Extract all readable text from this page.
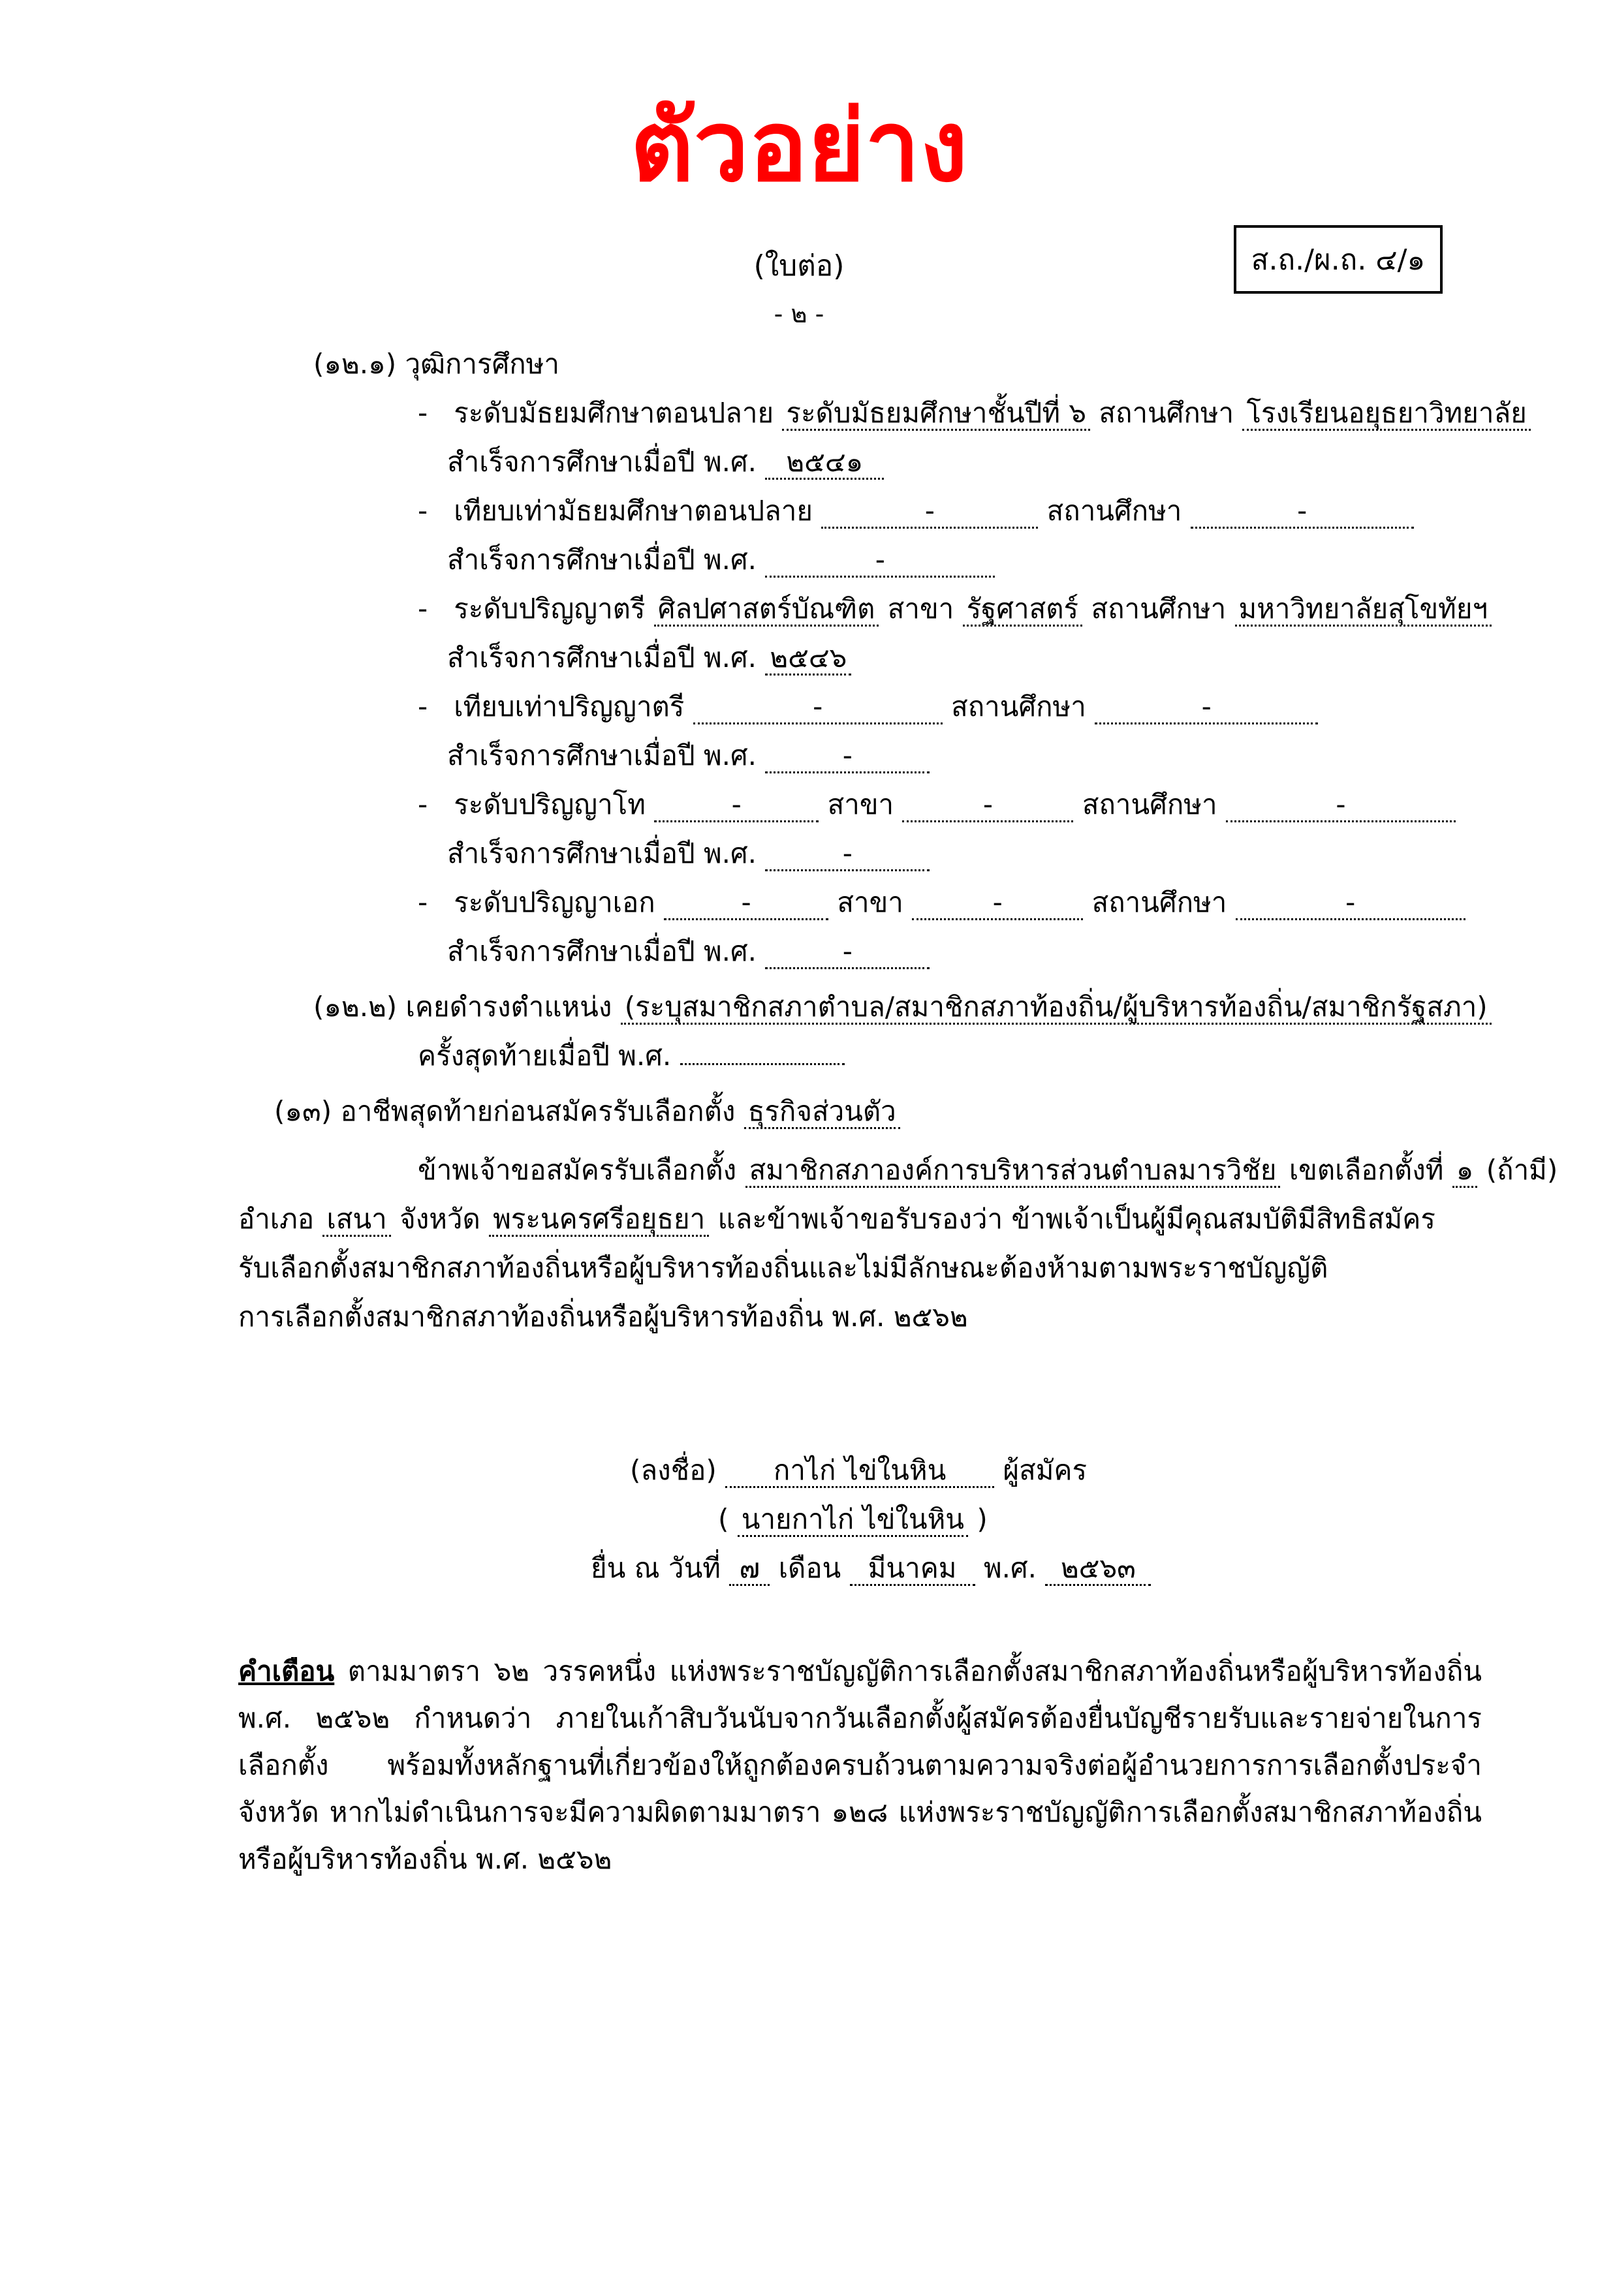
ตัวอย่าง
ส.ถ./ผ.ถ. ๔/๑
(ใบต่อ)
- ๒ -
(๑๒.๑) วุฒิการศึกษา
- ระดับมัธยมศึกษาตอนปลาย ระดับมัธยมศึกษาชั้นปีที่ ๖ สถานศึกษา โรงเรียนอยุธยาวิทยาลัย
สำเร็จการศึกษาเมื่อปี พ.ศ. ๒๕๔๑
- เทียบเท่ามัธยมศึกษาตอนปลาย	-	สถานศึกษา	-
สำเร็จการศึกษาเมื่อปี พ.ศ.	-
- ระดับปริญญาตรี ศิลปศาสตร์บัณฑิต สาขา รัฐศาสตร์ สถานศึกษา มหาวิทยาลัยสุโขทัยฯ
สำเร็จการศึกษาเมื่อปี พ.ศ. ๒๕๔๖
- เทียบเท่าปริญญาตรี	-	สถานศึกษา	-
สำเร็จการศึกษาเมื่อปี พ.ศ.	-
- ระดับปริญญาโท	-	สาขา	-	สถานศึกษา	-
สำเร็จการศึกษาเมื่อปี พ.ศ.	-
- ระดับปริญญาเอก	-	สาขา	-	สถานศึกษา	-
สำเร็จการศึกษาเมื่อปี พ.ศ.	-
(๑๒.๒) เคยดำรงตำแหน่ง (ระบุสมาชิกสภาตำบล/สมาชิกสภาท้องถิ่น/ผู้บริหารท้องถิ่น/สมาชิกรัฐสภา)
ครั้งสุดท้ายเมื่อปี พ.ศ.
(๑๓) อาชีพสุดท้ายก่อนสมัครรับเลือกตั้ง ธุรกิจส่วนตัว
ข้าพเจ้าขอสมัครรับเลือกตั้ง สมาชิกสภาองค์การบริหารส่วนตำบลมารวิชัย เขตเลือกตั้งที่ ๑ (ถ้ามี)
อำเภอ เสนา จังหวัด พระนครศรีอยุธยา และข้าพเจ้าขอรับรองว่า ข้าพเจ้าเป็นผู้มีคุณสมบัติมีสิทธิสมัคร
รับเลือกตั้งสมาชิกสภาท้องถิ่นหรือผู้บริหารท้องถิ่นและไม่มีลักษณะต้องห้ามตามพระราชบัญญัติ
การเลือกตั้งสมาชิกสภาท้องถิ่นหรือผู้บริหารท้องถิ่น พ.ศ. ๒๕๖๒
(ลงชื่อ) กาไก่ ไข่ในหิน ผู้สมัคร
( นายกาไก่ ไข่ในหิน )
ยื่น ณ วันที่ ๗ เดือน มีนาคม พ.ศ. ๒๕๖๓
คำเตือน ตามมาตรา ๖๒ วรรคหนึ่ง แห่งพระราชบัญญัติการเลือกตั้งสมาชิกสภาท้องถิ่นหรือผู้บริหารท้องถิ่น พ.ศ. ๒๕๖๒ กำหนดว่า ภายในเก้าสิบวันนับจากวันเลือกตั้งผู้สมัครต้องยื่นบัญชีรายรับและรายจ่ายในการเลือกตั้ง พร้อมทั้งหลักฐานที่เกี่ยวข้องให้ถูกต้องครบถ้วนตามความจริงต่อผู้อำนวยการการเลือกตั้งประจำจังหวัด หากไม่ดำเนินการจะมีความผิดตามมาตรา ๑๒๘ แห่งพระราชบัญญัติการเลือกตั้งสมาชิกสภาท้องถิ่นหรือผู้บริหารท้องถิ่น พ.ศ. ๒๕๖๒
